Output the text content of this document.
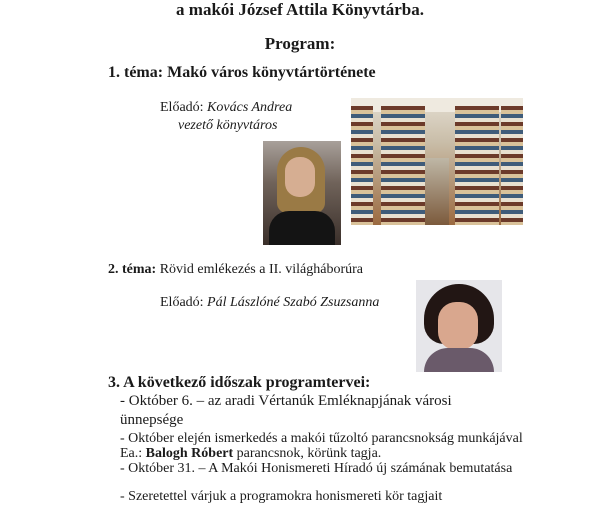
a makói József Attila Könyvtárba.
Program:
1. téma: Makó város könyvtártörténete
Előadó: Kovács Andrea
vezető könyvtáros
2. téma: Rövid emlékezés a II. világháborúra
Előadó: Pál Lászlóné Szabó Zsuzsanna
3. A következő időszak programtervei:
- Október 6. – az aradi Vértanúk Emléknapjának városi
ünnepsége
- Október elején ismerkedés a makói tűzoltó parancsnokság munkájával
Ea.: Balogh Róbert parancsnok, körünk tagja.
- Október 31. – A Makói Honismereti Híradó új számának bemutatása
- Szeretettel várjuk a programokra honismereti kör tagjait
